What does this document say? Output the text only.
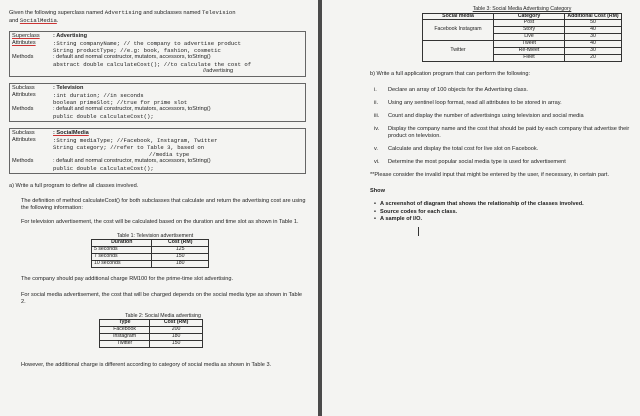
Given the following superclass named Advertising and subclasses named Television
and SocialMedia.

Superclass	: Advertising
Attributes	:String companyName; // the company to advertise product
String productType; //e.g: book, fashion, cosmetic
Methods	: default and normal constructor, mutators, accessors, toString()
abstract double calculateCost(); //to calculate the cost of
//advertising
Subclass	: Television
Attributes	:int duration; //in seconds
boolean primeSlot; //true for prime slot
Methods	: default and normal constructor, mutators, accessors, toString()
public double calculateCost();
Subclass	: SocialMedia
Attributes	:String mediaType; //Facebook, Instagram, Twitter
String category; //refer to Table 3, based on
//media type
Methods	: default and normal constructor, mutators, accessors, toString()
public double calculateCost();

a) Write a full program to define all classes involved.

The definition of method calculateCost() for both subclasses that calculate and return the advertising cost are using the following information:

For television advertisement, the cost will be calculated based on the duration and time slot as shown in Table 1.

Table 1: Television advertisement
Duration	Cost (RM)
5 seconds	125
7 seconds	150
10 seconds	180

The company should pay additional charge RM100 for the prime-time slot advertising.

For social media advertisement, the cost that will be charged depends on the social media type as shown in Table 2.

Table 2: Social Media advertising
Type	Cost (RM)
Facebook	200
Instagram	180
Twitter	150

However, the additional charge is different according to category of social media as shown in Table 3.

Table 3: Social Media Advertising Category
Social media	Category	Additional Cost (RM)
Facebook Instagram	Post	50
	Story	40
	Live	30
Twitter	Tweet	40
	Re-tweet	30
	Fleet	20

b) Write a full application program that can perform the following:

i.	Declare an array of 100 objects for the Advertising class.
ii.	Using any sentinel loop format, read all attributes to be stored in array.
iii.	Count and display the number of advertisings using television and social media
iv.	Display the company name and the cost that should be paid by each company that advertise their product on television.
v.	Calculate and display the total cost for live slot on Facebook.
vi.	Determine the most popular social media type is used for advertisement

**Please consider the invalid input that might be entered by the user, if necessary, in certain part.

Show

• A screenshot of diagram that shows the relationship of the classes involved.
• Source codes for each class.
• A sample of I/O.
